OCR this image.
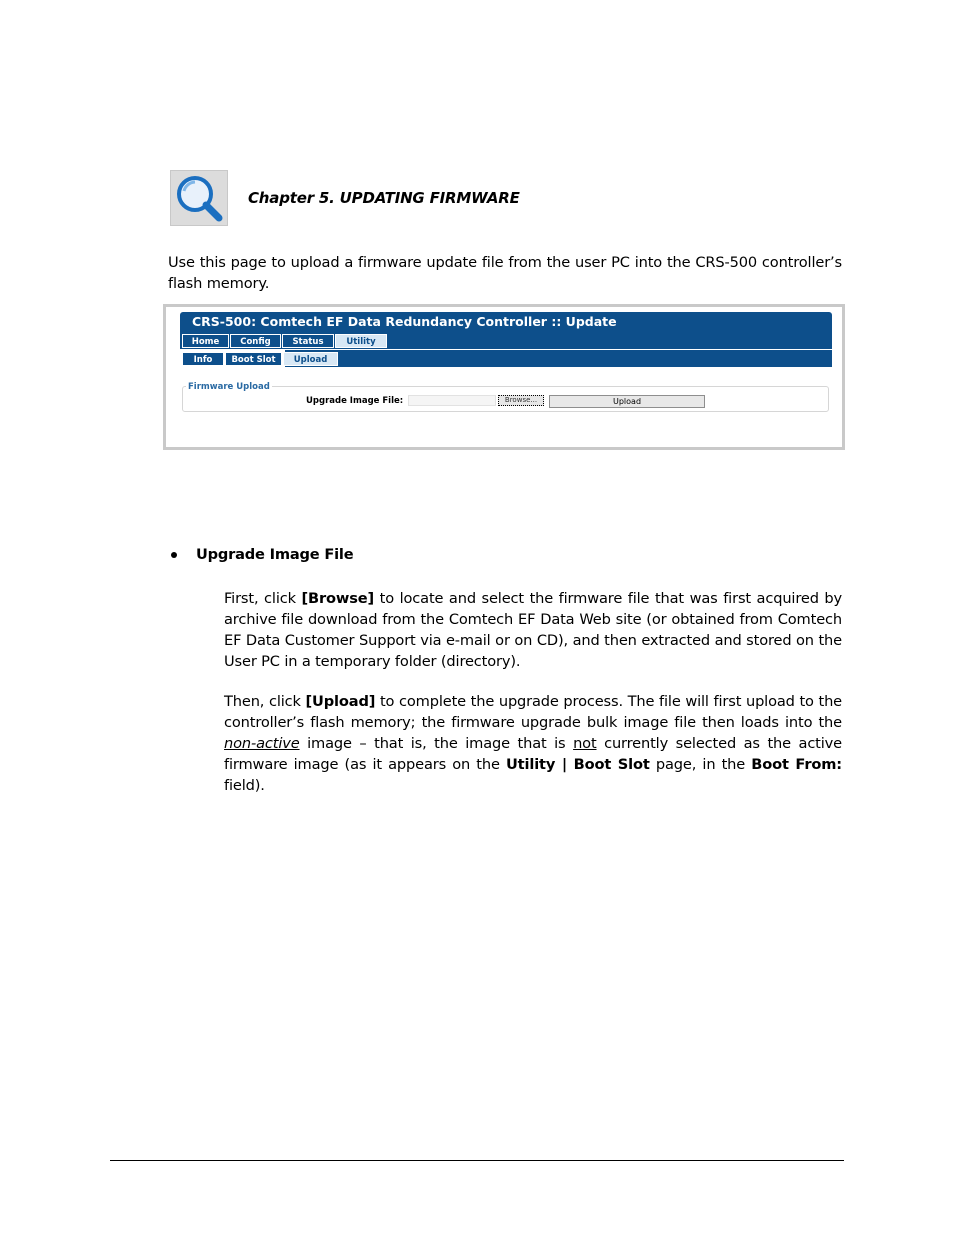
Chapter 5. UPDATING FIRMWARE
Use this page to upload a firmware update file from the user PC into the CRS-500 controller’s flash memory.
CRS-500: Comtech EF Data Redundancy Controller :: Update
Home	Config	Status	Utility
Info	Boot Slot	Upload
Firmware Upload
Upgrade Image File:	Browse...	Upload
Upgrade Image File
First, click [Browse] to locate and select the firmware file that was first acquired by archive file download from the Comtech EF Data Web site (or obtained from Comtech EF Data Customer Support via e-mail or on CD), and then extracted and stored on the User PC in a temporary folder (directory).
Then, click [Upload] to complete the upgrade process. The file will first upload to the controller’s flash memory; the firmware upgrade bulk image file then loads into the non-active image – that is, the image that is not currently selected as the active firmware image (as it appears on the Utility | Boot Slot page, in the Boot From: field).
